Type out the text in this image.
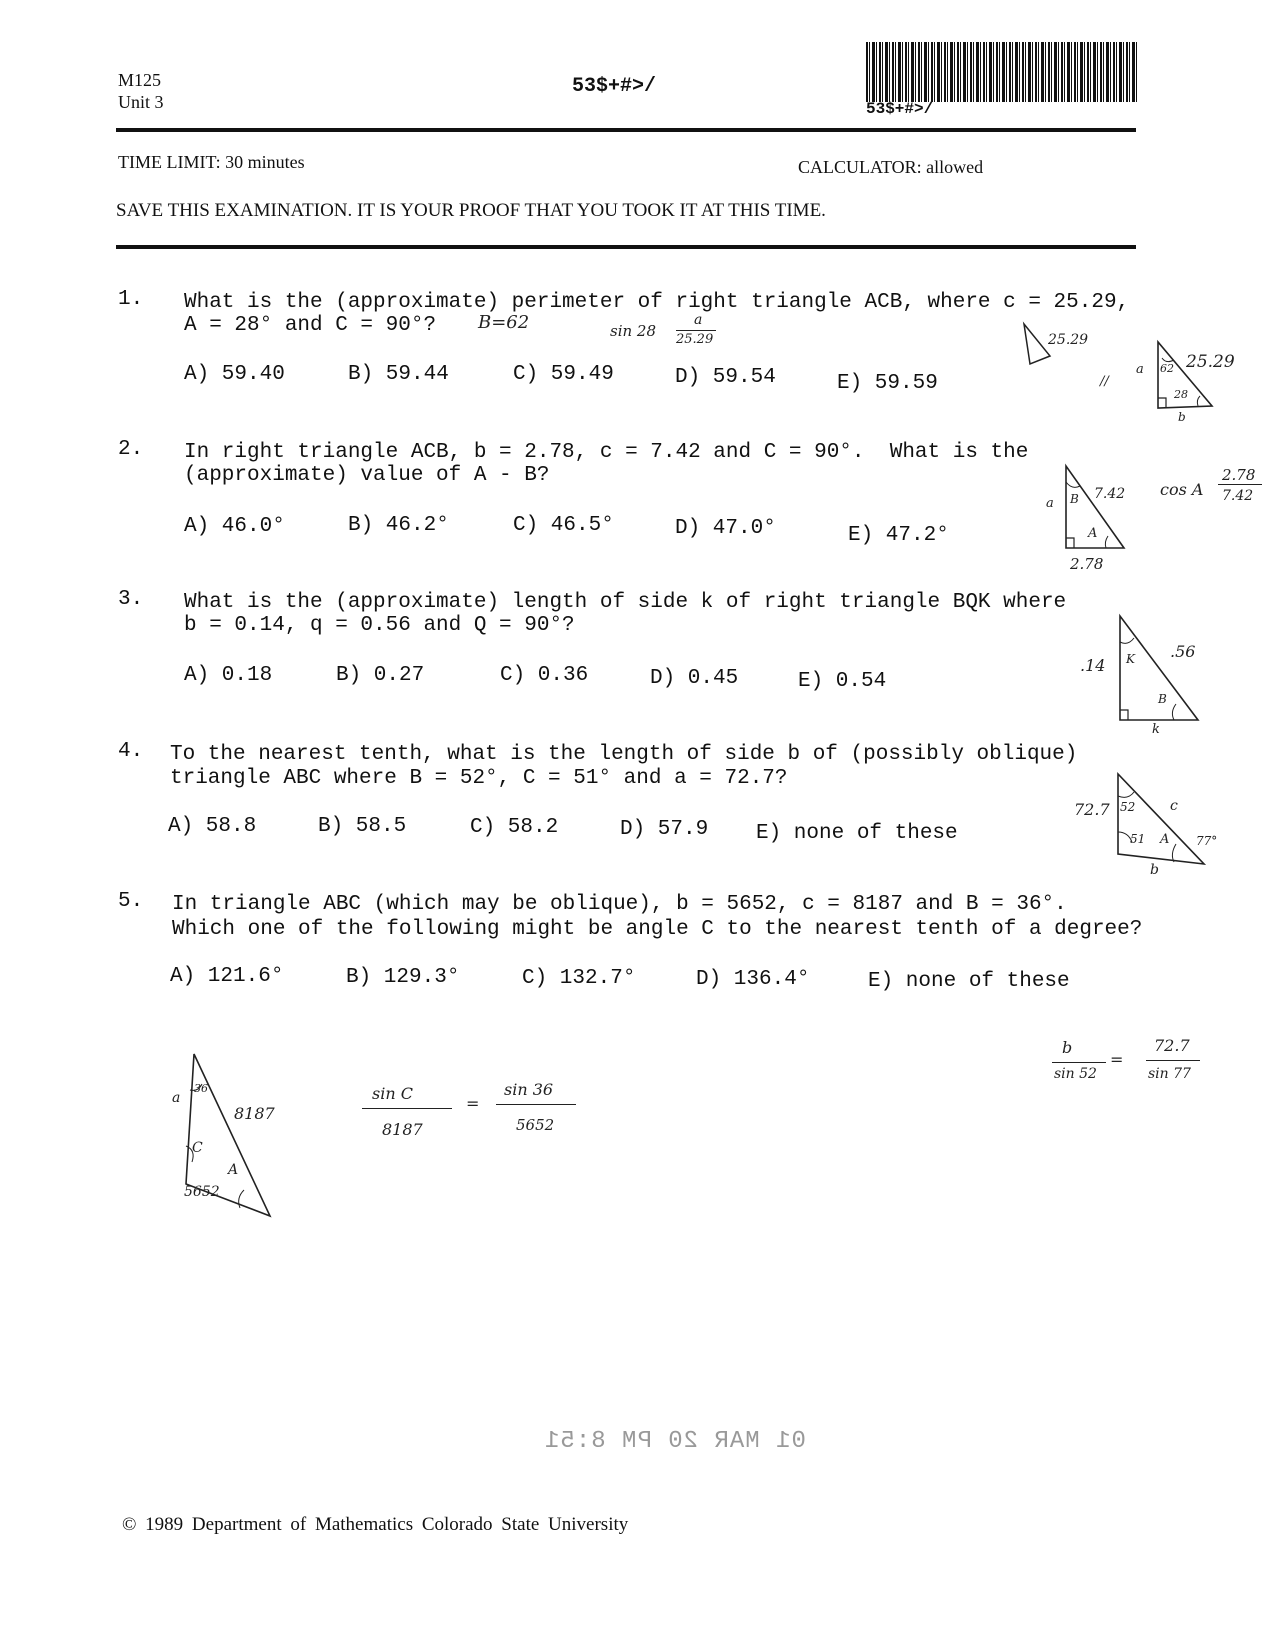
M125
Unit 3
53$+#>/
53$+#>/
TIME LIMIT: 30 minutes	CALCULATOR: allowed
SAVE THIS EXAMINATION. IT IS YOUR PROOF THAT YOU TOOK IT AT THIS TIME.
1. What is the (approximate) perimeter of right triangle ACB, where c = 25.29,
A = 28° and C = 90°?
A) 59.40	B) 59.44	C) 59.49	D) 59.54	E) 59.59
2. In right triangle ACB, b = 2.78, c = 7.42 and C = 90°.  What is the
(approximate) value of A - B?
A) 46.0°	B) 46.2°	C) 46.5°	D) 47.0°	E) 47.2°
3. What is the (approximate) length of side k of right triangle BQK where
b = 0.14, q = 0.56 and Q = 90°?
A) 0.18	B) 0.27	C) 0.36	D) 0.45	E) 0.54
4. To the nearest tenth, what is the length of side b of (possibly oblique)
triangle ABC where B = 52°, C = 51° and a = 72.7?
A) 58.8	B) 58.5	C) 58.2	D) 57.9 E) none of these
5. In triangle ABC (which may be oblique), b = 5652, c = 8187 and B = 36°.
Which one of the following might be angle C to the nearest tenth of a degree?
A) 121.6°	B) 129.3°	C) 132.7°	D) 136.4°	E) none of these
B=62	sin 28
a
25.29	25.29
//
a 62 25.29
28
b
a B 7.42
A
2.78
cos A
2.78
7.42
.14 K .56
B
k
72.7 52 c
51 A 77°
b
b
sin 52
=
72.7
sin 77
a
36
8187
C
A
5652
sin C
8187
=
sin 36
5652
01 MAR 20 PM 8:51
© 1989 Department of Mathematics Colorado State University
